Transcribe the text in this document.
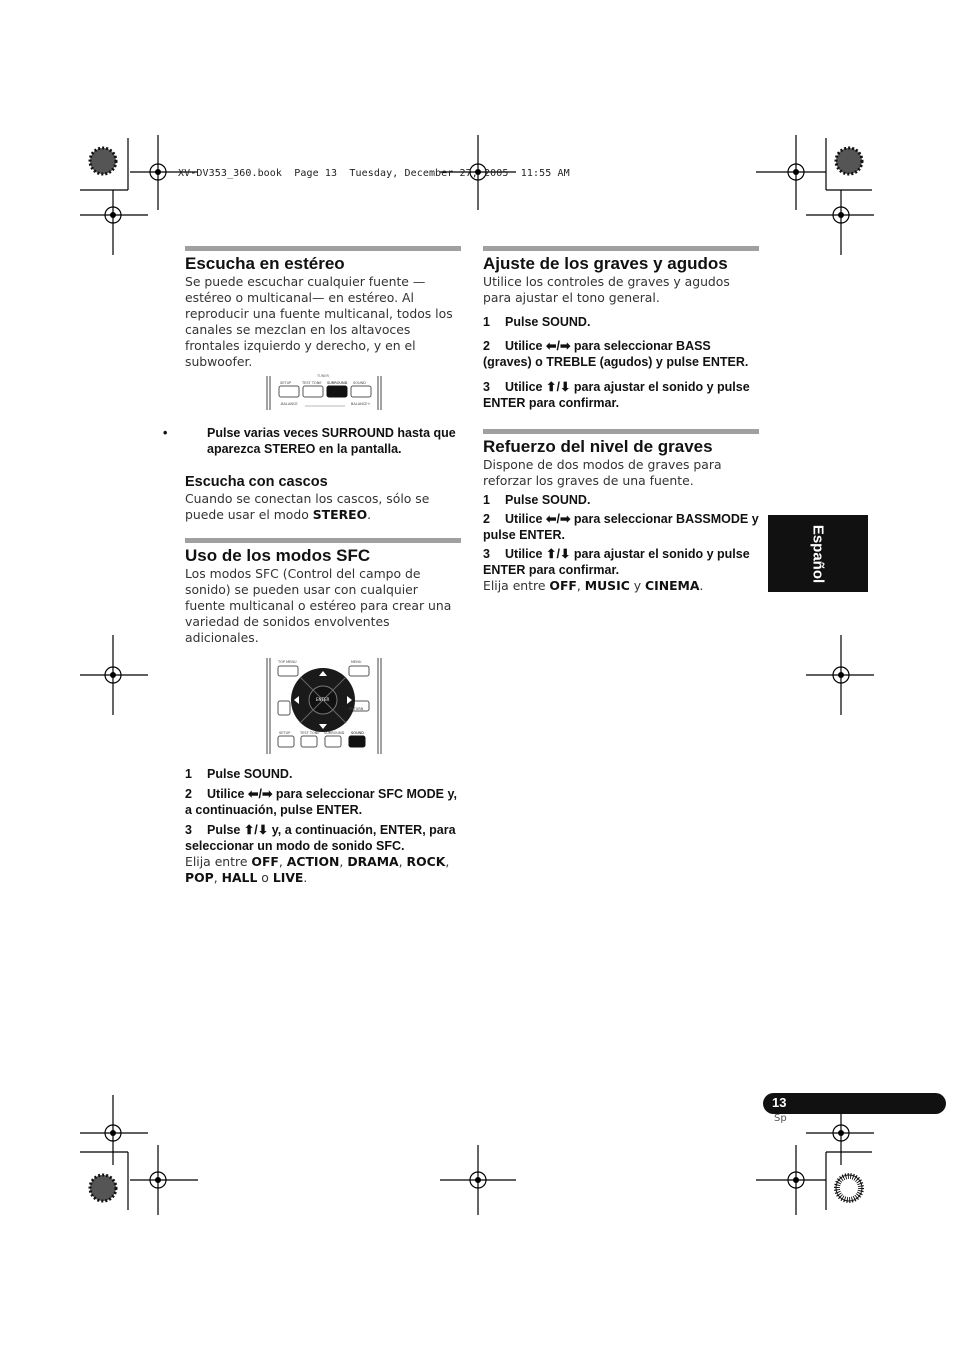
XV-DV353_360.book  Page 13  Tuesday, December 27, 2005  11:55 AM
Escucha en estéreo

Se puede escuchar cualquier fuente —estéreo o multicanal— en estéreo. Al reproducir una fuente multicanal, todos los canales se mezclan en los altavoces frontales izquierdo y derecho, y en el subwoofer.

TUNER
SETUP	TEST TONE SURROUND SOUND
-BALANCE	BALANCE+

•	Pulse varias veces SURROUND hasta que aparezca STEREO en la pantalla.

Escucha con cascos

Cuando se conectan los cascos, sólo se puede usar el modo STEREO.

Uso de los modos SFC

Los modos SFC (Control del campo de sonido) se pueden usar con cualquier fuente multicanal o estéreo para crear una variedad de sonidos envolventes adicionales.

TOP MENU	MENU
RETURN
ENTER
SETUP	TEST TONE SURROUND SOUND

1 Pulse SOUND.

2 Utilice ⬅/➡ para seleccionar SFC MODE y, a continuación, pulse ENTER.

3 Pulse ⬆/⬇ y, a continuación, ENTER, para seleccionar un modo de sonido SFC.

Elija entre OFF, ACTION, DRAMA, ROCK, POP, HALL o LIVE.

Ajuste de los graves y agudos

Utilice los controles de graves y agudos para ajustar el tono general.

1 Pulse SOUND.

2 Utilice ⬅/➡ para seleccionar BASS (graves) o TREBLE (agudos) y pulse ENTER.

3 Utilice ⬆/⬇ para ajustar el sonido y pulse ENTER para confirmar.

Refuerzo del nivel de graves

Dispone de dos modos de graves para reforzar los graves de una fuente.

1 Pulse SOUND.

2 Utilice ⬅/➡ para seleccionar BASSMODE y pulse ENTER.

3 Utilice ⬆/⬇ para ajustar el sonido y pulse ENTER para confirmar.

Elija entre OFF, MUSIC y CINEMA.

Español
13
Sp
